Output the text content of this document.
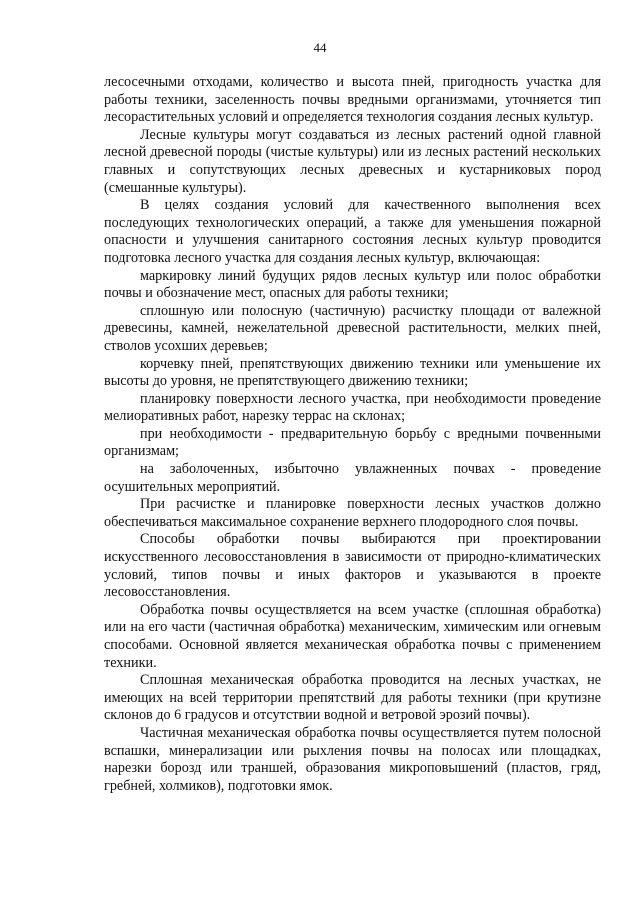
44

лесосечными отходами, количество и высота пней, пригодность участка для работы техники, заселенность почвы вредными организмами, уточняется тип лесорастительных условий и определяется технология создания лесных культур.

Лесные культуры могут создаваться из лесных растений одной главной лесной древесной породы (чистые культуры) или из лесных растений нескольких главных и сопутствующих лесных древесных и кустарниковых пород (смешанные культуры).

В целях создания условий для качественного выполнения всех последующих технологических операций, а также для уменьшения пожарной опасности и улучшения санитарного состояния лесных культур проводится подготовка лесного участка для создания лесных культур, включающая:

маркировку линий будущих рядов лесных культур или полос обработки почвы и обозначение мест, опасных для работы техники;

сплошную или полосную (частичную) расчистку площади от валежной древесины, камней, нежелательной древесной растительности, мелких пней, стволов усохших деревьев;

корчевку пней, препятствующих движению техники или уменьшение их высоты до уровня, не препятствующего движению техники;

планировку поверхности лесного участка, при необходимости проведение мелиоративных работ, нарезку террас на склонах;

при необходимости - предварительную борьбу с вредными почвенными организмам;

на заболоченных, избыточно увлажненных почвах - проведение осушительных мероприятий.

При расчистке и планировке поверхности лесных участков должно обеспечиваться максимальное сохранение верхнего плодородного слоя почвы.

Способы обработки почвы выбираются при проектировании искусственного лесовосстановления в зависимости от природно-климатических условий, типов почвы и иных факторов и указываются в проекте лесовосстановления.

Обработка почвы осуществляется на всем участке (сплошная обработка) или на его части (частичная обработка) механическим, химическим или огневым способами. Основной является механическая обработка почвы с применением техники.

Сплошная механическая обработка проводится на лесных участках, не имеющих на всей территории препятствий для работы техники (при крутизне склонов до 6 градусов и отсутствии водной и ветровой эрозий почвы).

Частичная механическая обработка почвы осуществляется путем полосной вспашки, минерализации или рыхления почвы на полосах или площадках, нарезки борозд или траншей, образования микроповышений (пластов, гряд, гребней, холмиков), подготовки ямок.
